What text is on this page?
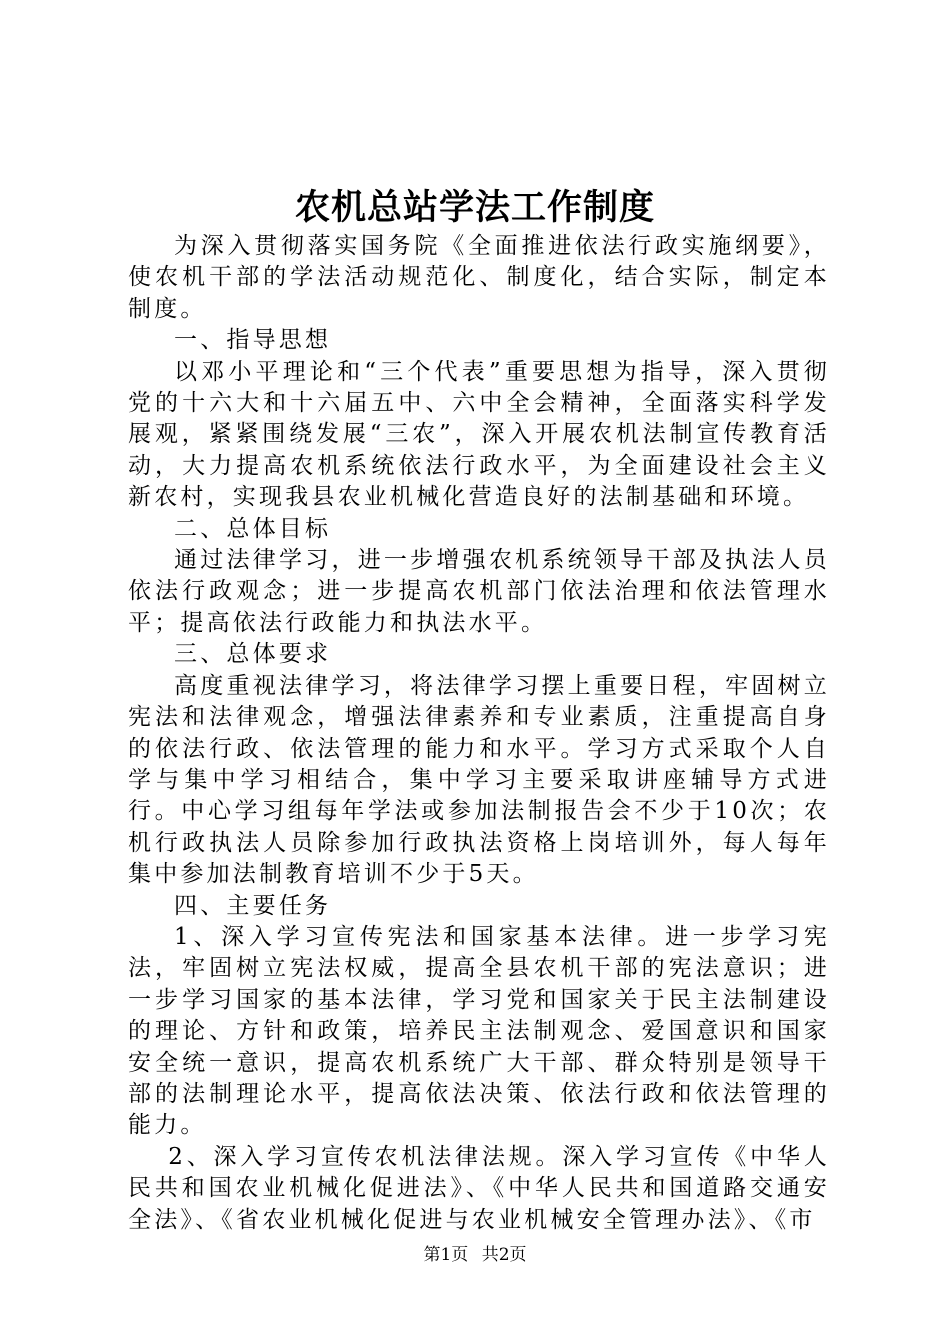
农机总站学法工作制度

为深入贯彻落实国务院《全面推进依法行政实施纲要》，使农机干部的学法活动规范化、制度化，结合实际，制定本制度。

一、指导思想

以邓小平理论和“三个代表”重要思想为指导，深入贯彻党的十六大和十六届五中、六中全会精神，全面落实科学发展观，紧紧围绕发展“三农”，深入开展农机法制宣传教育活动，大力提高农机系统依法行政水平，为全面建设社会主义新农村，实现我县农业机械化营造良好的法制基础和环境。

二、总体目标

通过法律学习，进一步增强农机系统领导干部及执法人员依法行政观念；进一步提高农机部门依法治理和依法管理水平；提高依法行政能力和执法水平。

三、总体要求

高度重视法律学习，将法律学习摆上重要日程，牢固树立宪法和法律观念，增强法律素养和专业素质，注重提高自身的依法行政、依法管理的能力和水平。学习方式采取个人自学与集中学习相结合，集中学习主要采取讲座辅导方式进行。中心学习组每年学法或参加法制报告会不少于10次；农机行政执法人员除参加行政执法资格上岗培训外，每人每年集中参加法制教育培训不少于5天。

四、主要任务

1、深入学习宣传宪法和国家基本法律。进一步学习宪法，牢固树立宪法权威，提高全县农机干部的宪法意识；进一步学习国家的基本法律，学习党和国家关于民主法制建设的理论、方针和政策，培养民主法制观念、爱国意识和国家安全统一意识，提高农机系统广大干部、群众特别是领导干部的法制理论水平，提高依法决策、依法行政和依法管理的能力。

2、深入学习宣传农机法律法规。深入学习宣传《中华人民共和国农业机械化促进法》、《中华人民共和国道路交通安全法》、《省农业机械化促进与农业机械安全管理办法》、《市

第1页 共2页
